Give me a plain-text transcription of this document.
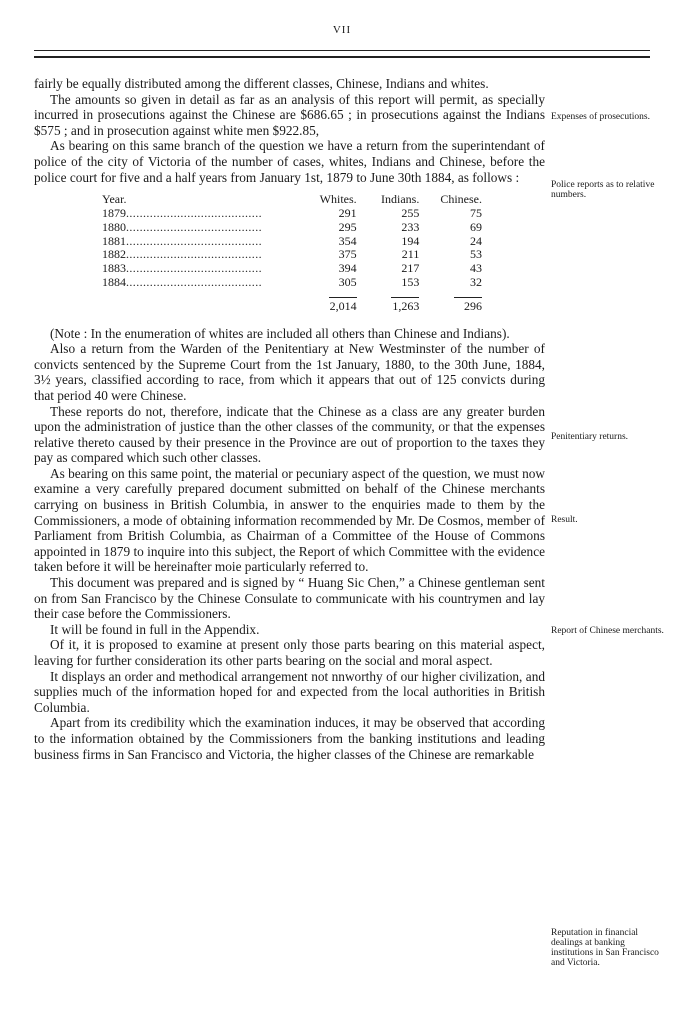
VII

fairly be equally distributed among the different classes, Chinese, Indians and whites.

The amounts so given in detail as far as an analysis of this report will permit, as specially incurred in prosecutions against the Chinese are $686.65 ; in prosecutions against the Indians $575 ; and in prosecution against white men $922.85,

As bearing on this same branch of the question we have a return from the superintendant of police of the city of Victoria of the number of cases, whites, Indians and Chinese, before the police court for five and a half years from January 1st, 1879 to June 30th 1884, as follows :

Year.	Whites.	Indians.	Chinese.
1879........................................	291	255	75
1880........................................	295	233	69
1881........................................	354	194	24
1882........................................	375	211	53
1883........................................	394	217	43
1884........................................	305	153	32
	2,014	1,263	296

(Note : In the enumeration of whites are included all others than Chinese and Indians).

Also a return from the Warden of the Penitentiary at New Westminster of the number of convicts sentenced by the Supreme Court from the 1st January, 1880, to the 30th June, 1884, 3½ years, classified according to race, from which it appears that out of 125 convicts during that period 40 were Chinese.

These reports do not, therefore, indicate that the Chinese as a class are any greater burden upon the administration of justice than the other classes of the community, or that the expenses relative thereto caused by their presence in the Province are out of proportion to the taxes they pay as compared which such other classes.

As bearing on this same point, the material or pecuniary aspect of the question, we must now examine a very carefully prepared document submitted on behalf of the Chinese merchants carrying on business in British Columbia, in answer to the enquiries made to them by the Commissioners, a mode of obtaining information recommended by Mr. De Cosmos, member of Parliament from British Columbia, as Chairman of a Committee of the House of Commons appointed in 1879 to inquire into this subject, the Report of which Committee with the evidence taken before it will be hereinafter moie particularly referred to.

This document was prepared and is signed by “ Huang Sic Chen,” a Chinese gentleman sent on from San Francisco by the Chinese Consulate to communicate with his countrymen and lay their case before the Commissioners.

It will be found in full in the Appendix.

Of it, it is proposed to examine at present only those parts bearing on this material aspect, leaving for further consideration its other parts bearing on the social and moral aspect.

It displays an order and methodical arrangement not nnworthy of our higher civilization, and supplies much of the information hoped for and expected from the local authorities in British Columbia.

Apart from its credibility which the examination induces, it may be observed that according to the information obtained by the Commissioners from the banking institutions and leading business firms in San Francisco and Victoria, the higher classes of the Chinese are remarkable

Expenses of prosecutions.
Police reports as to relative numbers.
Penitentiary returns.
Result.
Report of Chinese merchants.
Reputation in financial dealings at banking institutions in San Francisco and Victoria.
